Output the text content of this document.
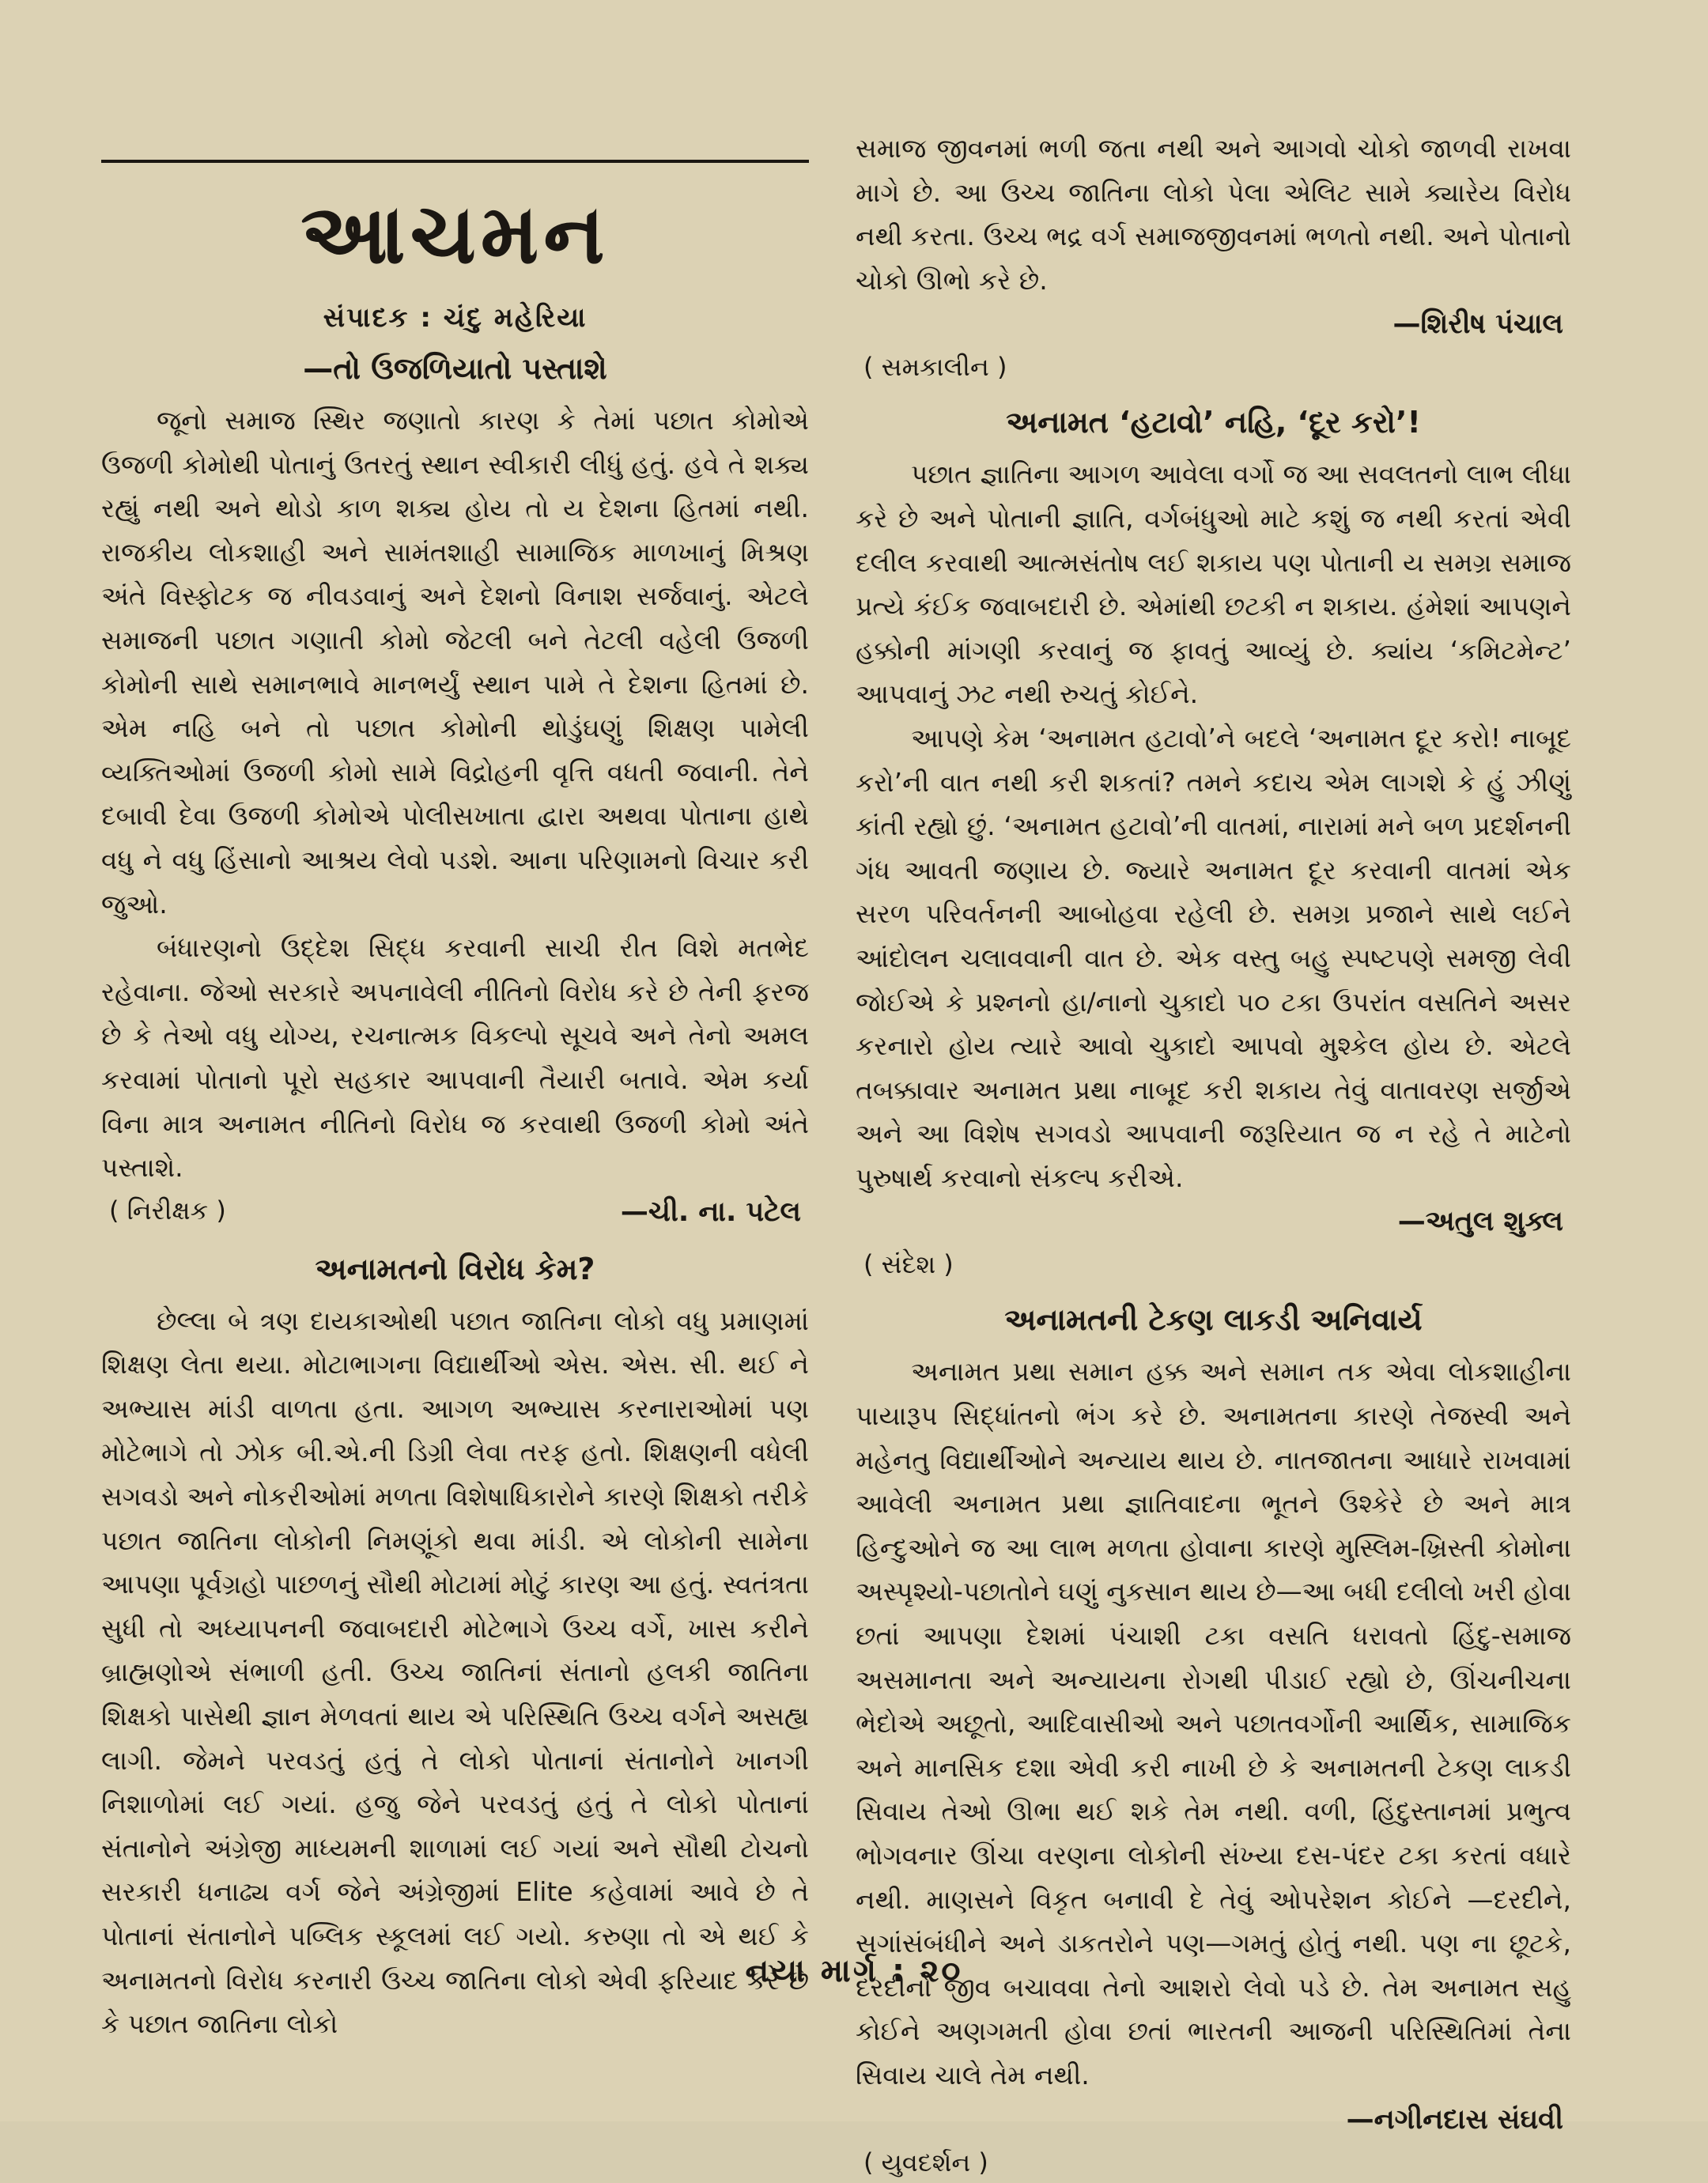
આચમન
સંપાદક : ચંદુ મહેરિયા
—તો ઉજળિયાતો પસ્તાશે

જૂનો સમાજ સ્થિર જણાતો કારણ કે તેમાં પછાત કોમોએ ઉજળી કોમોથી પોતાનું ઉતરતું સ્થાન સ્વીકારી લીધું હતું. હવે તે શક્ય રહ્યું નથી અને થોડો કાળ શક્ય હોય તો ય દેશના હિતમાં નથી. રાજકીય લોકશાહી અને સામંતશાહી સામાજિક માળખાનું મિશ્રણ અંતે વિસ્ફોટક જ નીવડવાનું અને દેશનો વિનાશ સર્જવાનું. એટલે સમાજની પછાત ગણાતી કોમો જેટલી બને તેટલી વહેલી ઉજળી કોમોની સાથે સમાનભાવે માનભર્યું સ્થાન પામે તે દેશના હિતમાં છે. એમ નહિ બને તો પછાત કોમોની થોડુંઘણું શિક્ષણ પામેલી વ્યક્તિઓમાં ઉજળી કોમો સામે વિદ્રોહની વૃત્તિ વધતી જવાની. તેને દબાવી દેવા ઉજળી કોમોએ પોલીસખાતા દ્વારા અથવા પોતાના હાથે વધુ ને વધુ હિંસાનો આશ્રય લેવો પડશે. આના પરિણામનો વિચાર કરી જુઓ.

બંધારણનો ઉદ્દેશ સિદ્ધ કરવાની સાચી રીત વિશે મતભેદ રહેવાના. જેઓ સરકારે અપનાવેલી નીતિનો વિરોધ કરે છે તેની ફરજ છે કે તેઓ વધુ યોગ્ય, રચનાત્મક વિકલ્પો સૂચવે અને તેનો અમલ કરવામાં પોતાનો પૂરો સહકાર આપવાની તૈયારી બતાવે. એમ કર્યા વિના માત્ર અનામત નીતિનો વિરોધ જ કરવાથી ઉજળી કોમો અંતે પસ્તાશે.

( નિરીક્ષક )	—ચી. ના. પટેલ
અનામતનો વિરોધ કેમ?

છેલ્લા બે ત્રણ દાયકાઓથી પછાત જાતિના લોકો વધુ પ્રમાણમાં શિક્ષણ લેતા થયા. મોટાભાગના વિદ્યાર્થીઓ એસ. એસ. સી. થઈ ને અભ્યાસ માંડી વાળતા હતા. આગળ અભ્યાસ કરનારાઓમાં પણ મોટેભાગે તો ઝોક બી.એ.ની ડિગ્રી લેવા તરફ હતો. શિક્ષણની વધેલી સગવડો અને નોકરીઓમાં મળતા વિશેષાધિકારોને કારણે શિક્ષકો તરીકે પછાત જાતિના લોકોની નિમણૂંકો થવા માંડી. એ લોકોની સામેના આપણા પૂર્વગ્રહો પાછળનું સૌથી મોટામાં મોટું કારણ આ હતું. સ્વતંત્રતા સુધી તો અધ્યાપનની જવાબદારી મોટેભાગે ઉચ્ચ વર્ગે, ખાસ કરીને બ્રાહ્મણોએ સંભાળી હતી. ઉચ્ચ જાતિનાં સંતાનો હલકી જાતિના શિક્ષકો પાસેથી જ્ઞાન મેળવતાં થાય એ પરિસ્થિતિ ઉચ્ચ વર્ગને અસહ્ય લાગી. જેમને પરવડતું હતું તે લોકો પોતાનાં સંતાનોને ખાનગી નિશાળોમાં લઈ ગયાં. હજુ જેને પરવડતું હતું તે લોકો પોતાનાં સંતાનોને અંગ્રેજી માધ્યમની શાળામાં લઈ ગયાં અને સૌથી ટોચનો સરકારી ધનાઢ્ય વર્ગ જેને અંગ્રેજીમાં Elite કહેવામાં આવે છે તે પોતાનાં સંતાનોને પબ્લિક સ્કૂલમાં લઈ ગયો. કરુણા તો એ થઈ કે અનામતનો વિરોધ કરનારી ઉચ્ચ જાતિના લોકો એવી ફરિયાદ કરે છે કે પછાત જાતિના લોકો

સમાજ જીવનમાં ભળી જતા નથી અને આગવો ચોકો જાળવી રાખવા માગે છે. આ ઉચ્ચ જાતિના લોકો પેલા એલિટ સામે ક્યારેય વિરોધ નથી કરતા. ઉચ્ચ ભદ્ર વર્ગ સમાજજીવનમાં ભળતો નથી. અને પોતાનો ચોકો ઊભો કરે છે.

—શિરીષ પંચાલ
( સમકાલીન )
અનામત ‘હટાવો’ નહિ, ‘દૂર કરો’!

પછાત જ્ઞાતિના આગળ આવેલા વર્ગો જ આ સવલતનો લાભ લીધા કરે છે અને પોતાની જ્ઞાતિ, વર્ગબંધુઓ માટે કશું જ નથી કરતાં એવી દલીલ કરવાથી આત્મસંતોષ લઈ શકાય પણ પોતાની ય સમગ્ર સમાજ પ્રત્યે કંઈક જવાબદારી છે. એમાંથી છટકી ન શકાય. હંમેશાં આપણને હક્કોની માંગણી કરવાનું જ ફાવતું આવ્યું છે. ક્યાંય ‘કમિટમેન્ટ’ આપવાનું ઝટ નથી રુચતું કોઈને.

આપણે કેમ ‘અનામત હટાવો’ને બદલે ‘અનામત દૂર કરો! નાબૂદ કરો’ની વાત નથી કરી શકતાં? તમને કદાચ એમ લાગશે કે હું ઝીણું કાંતી રહ્યો છું. ‘અનામત હટાવો’ની વાતમાં, નારામાં મને બળ પ્રદર્શનની ગંધ આવતી જણાય છે. જ્યારે અનામત દૂર કરવાની વાતમાં એક સરળ પરિવર્તનની આબોહવા રહેલી છે. સમગ્ર પ્રજાને સાથે લઈને આંદોલન ચલાવવાની વાત છે. એક વસ્તુ બહુ સ્પષ્ટપણે સમજી લેવી જોઈએ કે પ્રશ્નનો હા/નાનો ચુકાદો ૫૦ ટકા ઉપરાંત વસતિને અસર કરનારો હોય ત્યારે આવો ચુકાદો આપવો મુશ્કેલ હોય છે. એટલે તબક્કાવાર અનામત પ્રથા નાબૂદ કરી શકાય તેવું વાતાવરણ સર્જીએ અને આ વિશેષ સગવડો આપવાની જરૂરિયાત જ ન રહે તે માટેનો પુરુષાર્થ કરવાનો સંકલ્પ કરીએ.

—અતુલ શુક્લ
( સંદેશ )
અનામતની ટેકણ લાકડી અનિવાર્ય

અનામત પ્રથા સમાન હક્ક અને સમાન તક એવા લોકશાહીના પાયારૂપ સિદ્ધાંતનો ભંગ કરે છે. અનામતના કારણે તેજસ્વી અને મહેનતુ વિદ્યાર્થીઓને અન્યાય થાય છે. નાતજાતના આધારે રાખવામાં આવેલી અનામત પ્રથા જ્ઞાતિવાદના ભૂતને ઉશ્કેરે છે અને માત્ર હિન્દુઓને જ આ લાભ મળતા હોવાના કારણે મુસ્લિમ-ખ્રિસ્તી કોમોના અસ્પૃશ્યો-પછાતોને ઘણું નુકસાન થાય છે—આ બધી દલીલો ખરી હોવા છતાં આપણા દેશમાં પંચાશી ટકા વસતિ ધરાવતો હિંદુ-સમાજ અસમાનતા અને અન્યાયના રોગથી પીડાઈ રહ્યો છે, ઊંચનીચના ભેદોએ અછૂતો, આદિવાસીઓ અને પછાતવર્ગોની આર્થિક, સામાજિક અને માનસિક દશા એવી કરી નાખી છે કે અનામતની ટેકણ લાકડી સિવાય તેઓ ઊભા થઈ શકે તેમ નથી. વળી, હિંદુસ્તાનમાં પ્રભુત્વ ભોગવનાર ઊંચા વરણના લોકોની સંખ્યા દસ-પંદર ટકા કરતાં વધારે નથી. માણસને વિકૃત બનાવી દે તેવું ઓપરેશન કોઈને —દરદીને, સગાંસંબંધીને અને ડાકતરોને પણ—ગમતું હોતું નથી. પણ ના છૂટકે, દરદીનો જીવ બચાવવા તેનો આશરો લેવો પડે છે. તેમ અનામત સહુ કોઈને અણગમતી હોવા છતાં ભારતની આજની પરિસ્થિતિમાં તેના સિવાય ચાલે તેમ નથી.

—નગીનદાસ સંઘવી
( યુવદર્શન )
નયા માર્ગ : ૨૦
